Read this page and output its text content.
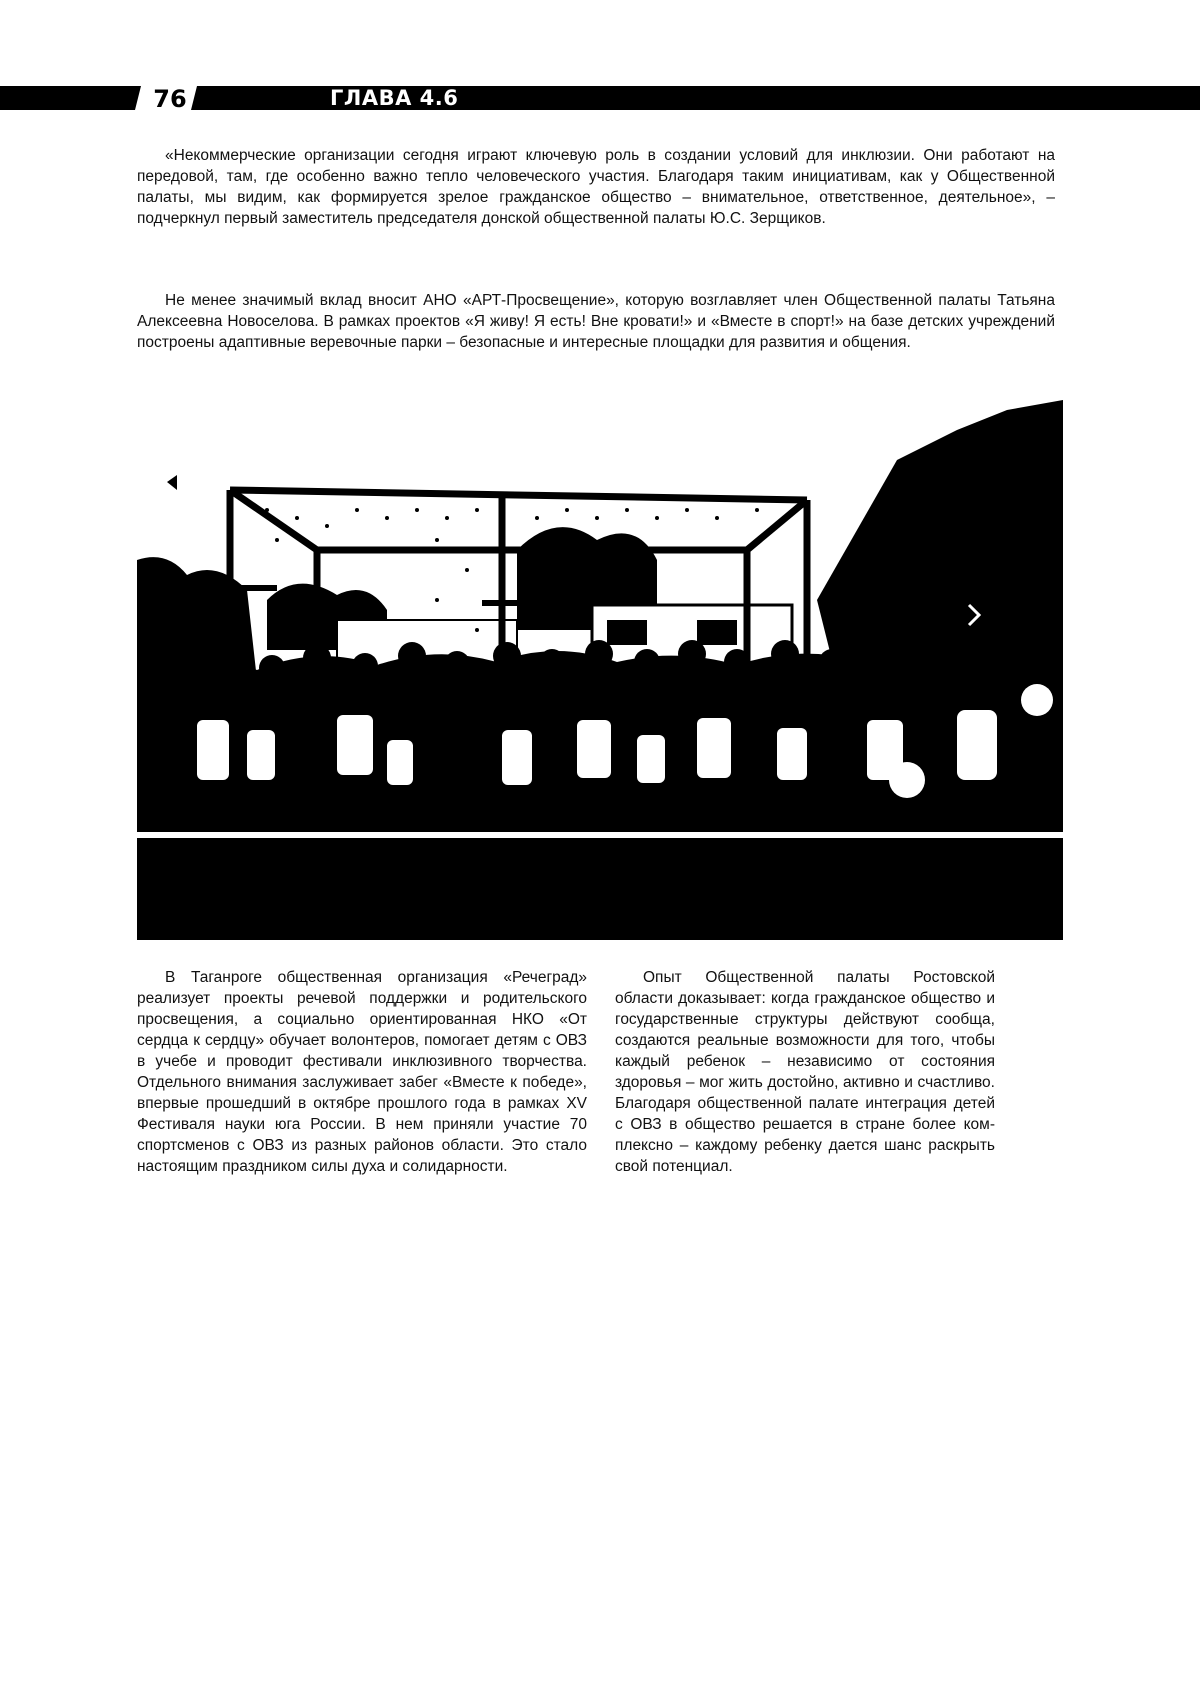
76	ГЛАВА 4.6

«Некоммерческие организации сегодня играют ключевую роль в создании условий для инклюзии. Они работают на передовой, там, где особенно важно тепло человеческого участия. Благодаря таким инициативам, как у Общественной палаты, мы видим, как формируется зрелое гражданское общество – внимательное, ответственное, деятельное», – подчеркнул первый заместитель председателя донской общественной палаты Ю.С. Зерщиков.

Не менее значимый вклад вносит АНО «АРТ-Просвещение», которую возглавляет член Общественной палаты Татьяна Алексеевна Новоселова. В рамках проектов «Я живу! Я есть! Вне кровати!» и «Вместе в спорт!» на базе детских учреждений построены адаптивные веревочные парки – безопасные и интересные площадки для развития и общения.

В Таганроге общественная организация «Речеград» реализует проекты речевой поддержки и родительского просвещения, а социально ориентированная НКО «От сердца к сердцу» обучает волонтеров, помогает детям с ОВЗ в учебе и проводит фестивали инклюзивного творчества. Отдельного внимания заслуживает забег «Вместе к победе», впервые прошедший в октябре прошлого года в рамках XV Фестиваля науки юга России. В нем приняли участие 70 спортсменов с ОВЗ из разных районов области. Это стало настоящим праздником силы духа и солидарности.

Опыт Общественной палаты Ростовской области доказывает: когда гражданское общество и государственные структуры действуют сообща, создаются реальные возможности для того, чтобы каждый ребенок – независимо от состояния здоровья – мог жить достойно, активно и счастливо. Благодаря общественной палате интеграция детей с ОВЗ в общество решается в стране более комплексно – каждому ребенку дается шанс раскрыть свой потенциал.
